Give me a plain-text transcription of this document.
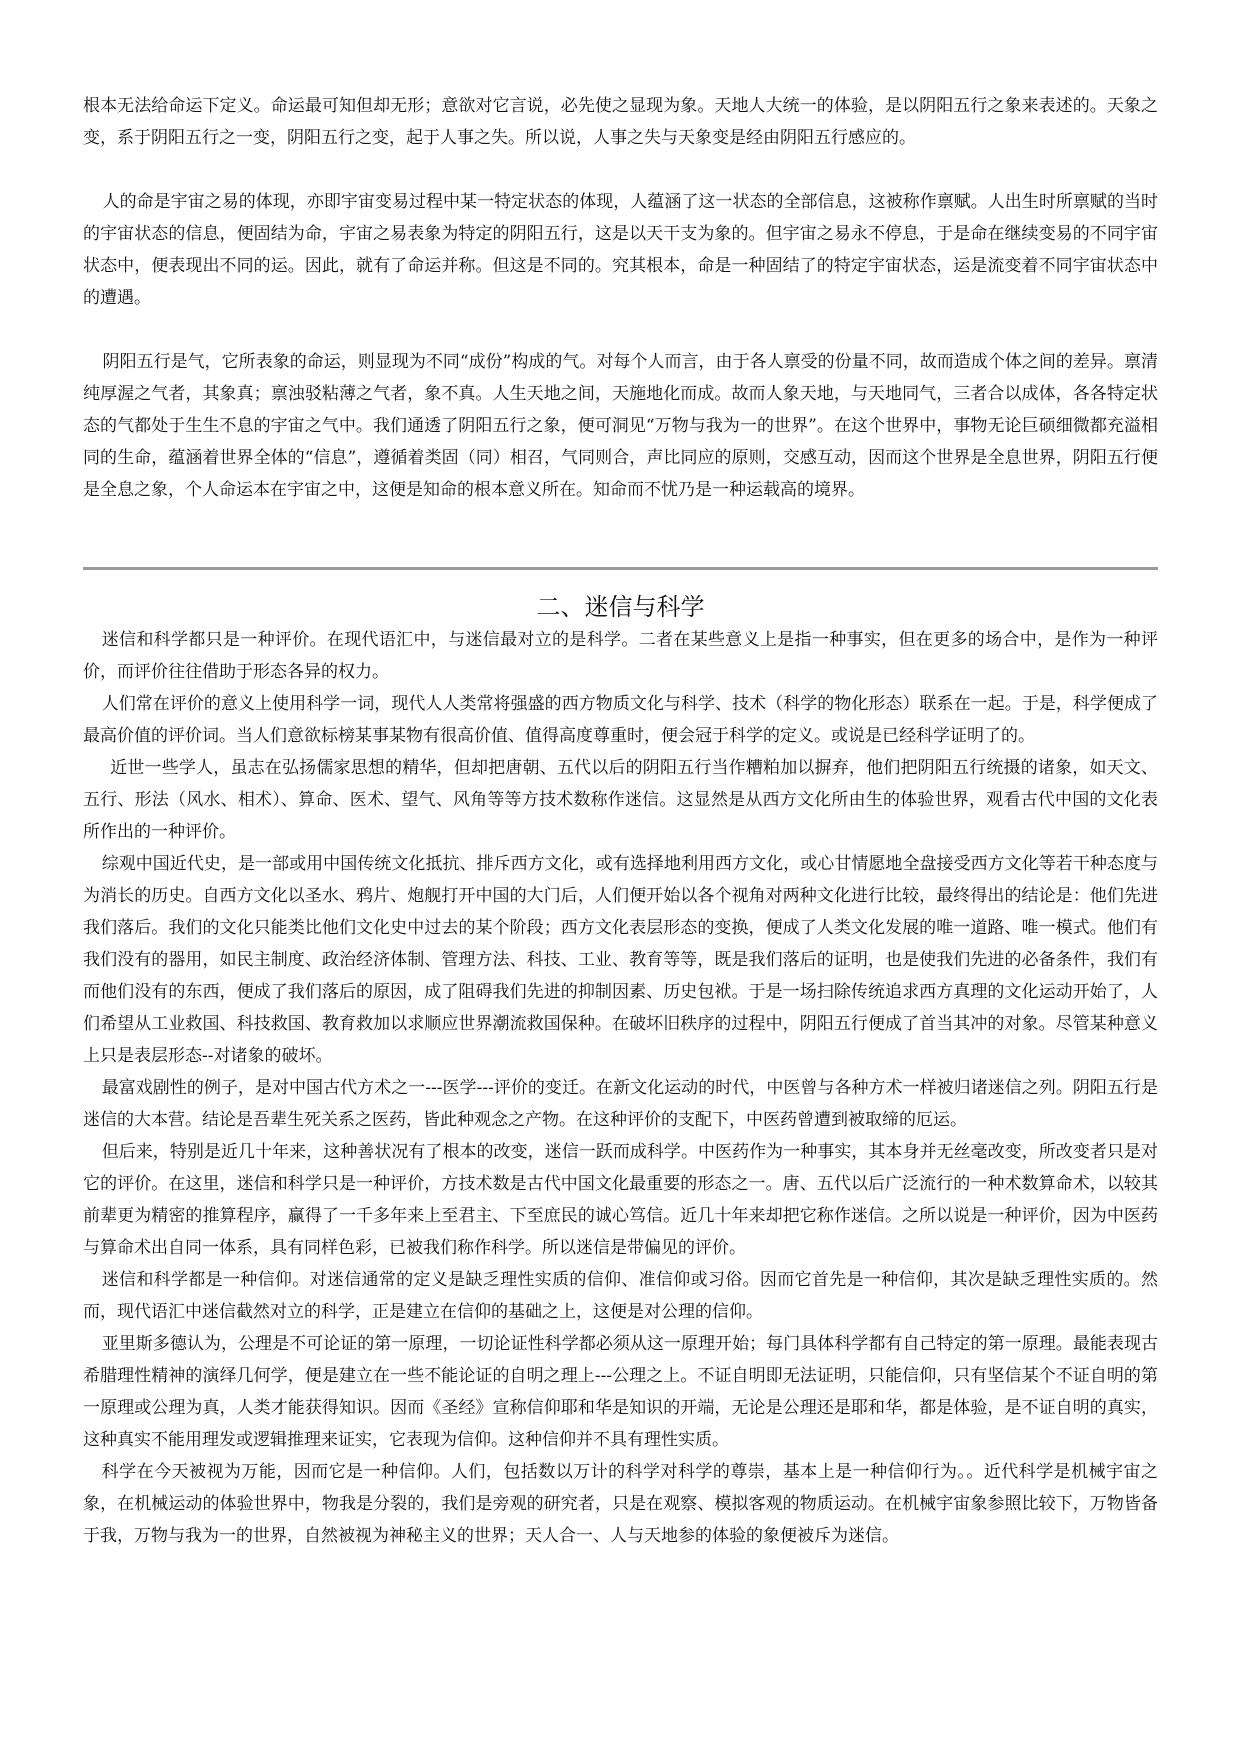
根本无法给命运下定义。命运最可知但却无形；意欲对它言说，必先使之显现为象。天地人大统一的体验，是以阴阳五行之象来表述的。天象之变，系于阴阳五行之一变，阴阳五行之变，起于人事之失。所以说，人事之失与天象变是经由阴阳五行感应的。

人的命是宇宙之易的体现，亦即宇宙变易过程中某一特定状态的体现，人蕴涵了这一状态的全部信息，这被称作禀赋。人出生时所禀赋的当时的宇宙状态的信息，便固结为命，宇宙之易表象为特定的阴阳五行，这是以天干支为象的。但宇宙之易永不停息，于是命在继续变易的不同宇宙状态中，便表现出不同的运。因此，就有了命运并称。但这是不同的。究其根本，命是一种固结了的特定宇宙状态，运是流变着不同宇宙状态中的遭遇。

阴阳五行是气，它所表象的命运，则显现为不同“成份”构成的气。对每个人而言，由于各人禀受的份量不同，故而造成个体之间的差异。禀清纯厚渥之气者，其象真；禀浊驳粘薄之气者，象不真。人生天地之间，天施地化而成。故而人象天地，与天地同气，三者合以成体，各各特定状态的气都处于生生不息的宇宙之气中。我们通透了阴阳五行之象，便可洞见“万物与我为一的世界”。在这个世界中，事物无论巨硕细微都充溢相同的生命，蕴涵着世界全体的“信息”，遵循着类固（同）相召，气同则合，声比同应的原则，交感互动，因而这个世界是全息世界，阴阳五行便是全息之象，个人命运本在宇宙之中，这便是知命的根本意义所在。知命而不忧乃是一种运载高的境界。

二、迷信与科学

迷信和科学都只是一种评价。在现代语汇中，与迷信最对立的是科学。二者在某些意义上是指一种事实，但在更多的场合中，是作为一种评价，而评价往往借助于形态各异的权力。

人们常在评价的意义上使用科学一词，现代人人类常将强盛的西方物质文化与科学、技术（科学的物化形态）联系在一起。于是，科学便成了最高价值的评价词。当人们意欲标榜某事某物有很高价值、值得高度尊重时，便会冠于科学的定义。或说是已经科学证明了的。

近世一些学人，虽志在弘扬儒家思想的精华，但却把唐朝、五代以后的阴阳五行当作糟粕加以摒弃，他们把阴阳五行统摄的诸象，如天文、五行、形法（风水、相术）、算命、医术、望气、风角等等方技术数称作迷信。这显然是从西方文化所由生的体验世界，观看古代中国的文化表所作出的一种评价。

综观中国近代史，是一部或用中国传统文化抵抗、排斥西方文化，或有选择地利用西方文化，或心甘情愿地全盘接受西方文化等若干种态度与为消长的历史。自西方文化以圣水、鸦片、炮舰打开中国的大门后，人们便开始以各个视角对两种文化进行比较，最终得出的结论是：他们先进我们落后。我们的文化只能类比他们文化史中过去的某个阶段；西方文化表层形态的变换，便成了人类文化发展的唯一道路、唯一模式。他们有我们没有的器用，如民主制度、政治经济体制、管理方法、科技、工业、教育等等，既是我们落后的证明，也是使我们先进的必备条件，我们有而他们没有的东西，便成了我们落后的原因，成了阻碍我们先进的抑制因素、历史包袱。于是一场扫除传统追求西方真理的文化运动开始了，人们希望从工业救国、科技救国、教育救加以求顺应世界潮流救国保种。在破坏旧秩序的过程中，阴阳五行便成了首当其冲的对象。尽管某种意义上只是表层形态--对诸象的破坏。

最富戏剧性的例子，是对中国古代方术之一---医学---评价的变迁。在新文化运动的时代，中医曾与各种方术一样被归诸迷信之列。阴阳五行是迷信的大本营。结论是吾辈生死关系之医药，皆此种观念之产物。在这种评价的支配下，中医药曾遭到被取缔的厄运。

但后来，特别是近几十年来，这种善状况有了根本的改变，迷信一跃而成科学。中医药作为一种事实，其本身并无丝毫改变，所改变者只是对它的评价。在这里，迷信和科学只是一种评价，方技术数是古代中国文化最重要的形态之一。唐、五代以后广泛流行的一种术数算命术，以较其前辈更为精密的推算程序，赢得了一千多年来上至君主、下至庶民的诚心笃信。近几十年来却把它称作迷信。之所以说是一种评价，因为中医药与算命术出自同一体系，具有同样色彩，已被我们称作科学。所以迷信是带偏见的评价。

迷信和科学都是一种信仰。对迷信通常的定义是缺乏理性实质的信仰、准信仰或习俗。因而它首先是一种信仰，其次是缺乏理性实质的。然而，现代语汇中迷信截然对立的科学，正是建立在信仰的基础之上，这便是对公理的信仰。

亚里斯多德认为，公理是不可论证的第一原理，一切论证性科学都必须从这一原理开始；每门具体科学都有自己特定的第一原理。最能表现古希腊理性精神的演绎几何学，便是建立在一些不能论证的自明之理上---公理之上。不证自明即无法证明，只能信仰，只有坚信某个不证自明的第一原理或公理为真，人类才能获得知识。因而《圣经》宣称信仰耶和华是知识的开端，无论是公理还是耶和华，都是体验，是不证自明的真实，这种真实不能用理发或逻辑推理来证实，它表现为信仰。这种信仰并不具有理性实质。

科学在今天被视为万能，因而它是一种信仰。人们，包括数以万计的科学对科学的尊崇，基本上是一种信仰行为。。近代科学是机械宇宙之象，在机械运动的体验世界中，物我是分裂的，我们是旁观的研究者，只是在观察、模拟客观的物质运动。在机械宇宙象参照比较下，万物皆备于我，万物与我为一的世界，自然被视为神秘主义的世界；天人合一、人与天地参的体验的象便被斥为迷信。
